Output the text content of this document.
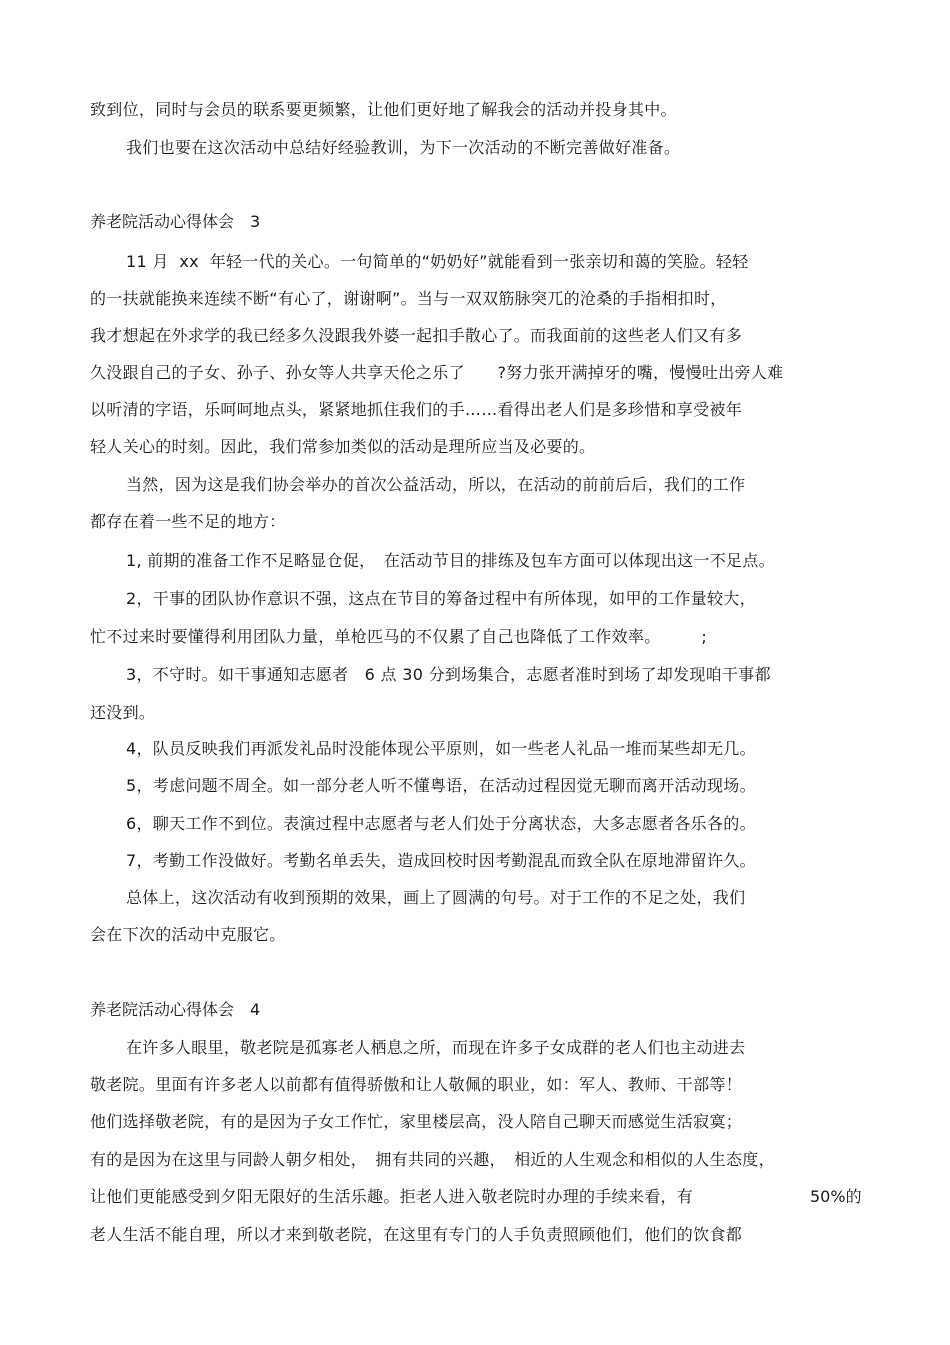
致到位，同时与会员的联系要更频繁，让他们更好地了解我会的活动并投身其中。
我们也要在这次活动中总结好经验教训，为下一次活动的不断完善做好准备。
养老院活动心得体会　3
11 月  xx  年轻一代的关心。一句简单的“奶奶好”就能看到一张亲切和蔼的笑脸。轻轻
的一扶就能换来连续不断“有心了，谢谢啊”。当与一双双筋脉突兀的沧桑的手指相扣时，
我才想起在外求学的我已经多久没跟我外婆一起扣手散心了。而我面前的这些老人们又有多
久没跟自己的子女、孙子、孙女等人共享天伦之乐了　　?努力张开满掉牙的嘴，慢慢吐出旁人难
以听清的字语，乐呵呵地点头，紧紧地抓住我们的手……看得出老人们是多珍惜和享受被年
轻人关心的时刻。因此，我们常参加类似的活动是理所应当及必要的。
当然，因为这是我们协会举办的首次公益活动，所以，在活动的前前后后，我们的工作
都存在着一些不足的地方：
1, 前期的准备工作不足略显仓促，　在活动节目的排练及包车方面可以体现出这一不足点。
2，干事的团队协作意识不强，这点在节目的筹备过程中有所体现，如甲的工作量较大，
忙不过来时要懂得利用团队力量，单枪匹马的不仅累了自己也降低了工作效率。　　　;
3，不守时。如干事通知志愿者　6 点 30 分到场集合，志愿者准时到场了却发现咱干事都
还没到。
4，队员反映我们再派发礼品时没能体现公平原则，如一些老人礼品一堆而某些却无几。
5，考虑问题不周全。如一部分老人听不懂粤语，在活动过程因觉无聊而离开活动现场。
6，聊天工作不到位。表演过程中志愿者与老人们处于分离状态，大多志愿者各乐各的。
7，考勤工作没做好。考勤名单丢失，造成回校时因考勤混乱而致全队在原地滞留许久。
总体上，这次活动有收到预期的效果，画上了圆满的句号。对于工作的不足之处，我们
会在下次的活动中克服它。
养老院活动心得体会　4
在许多人眼里，敬老院是孤寡老人栖息之所，而现在许多子女成群的老人们也主动进去
敬老院。里面有许多老人以前都有值得骄傲和让人敬佩的职业，如：军人、教师、干部等！
他们选择敬老院，有的是因为子女工作忙，家里楼层高，没人陪自己聊天而感觉生活寂寞；
有的是因为在这里与同龄人朝夕相处，　拥有共同的兴趣，　相近的人生观念和相似的人生态度，
让他们更能感受到夕阳无限好的生活乐趣。拒老人进入敬老院时办理的手续来看，有	50%的
老人生活不能自理，所以才来到敬老院，在这里有专门的人手负责照顾他们，他们的饮食都
